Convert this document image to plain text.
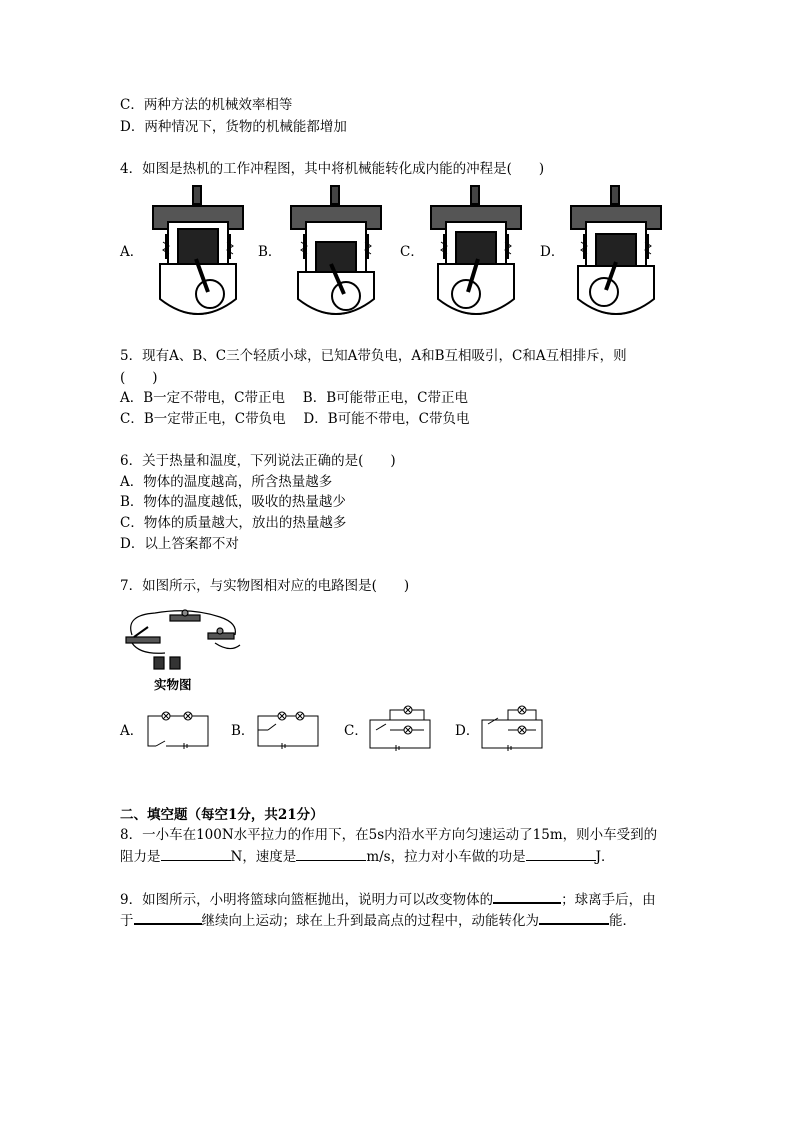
C．两种方法的机械效率相等
D．两种情况下，货物的机械能都增加
4．如图是热机的工作冲程图，其中将机械能转化成内能的冲程是(　　)
A．	B．	C．	D．
5．现有A、B、C三个轻质小球，已知A带负电，A和B互相吸引，C和A互相排斥，则
(　　)
A．B一定不带电，C带正电　 B．B可能带正电，C带正电
C．B一定带正电，C带负电　 D．B可能不带电，C带负电
6．关于热量和温度，下列说法正确的是(　　)
A．物体的温度越高，所含热量越多
B．物体的温度越低，吸收的热量越少
C．物体的质量越大，放出的热量越多
D．以上答案都不对
7．如图所示，与实物图相对应的电路图是(　　)
实物图
A．	B．	C．	D．
二、填空题（每空1分，共21分）
8．一小车在100N水平拉力的作用下，在5s内沿水平方向匀速运动了15m，则小车受到的
阻力是	N，速度是	m/s，拉力对小车做的功是	J．
9．如图所示，小明将篮球向篮框抛出，说明力可以改变物体的	；球离手后，由
于	继续向上运动；球在上升到最高点的过程中，动能转化为	能．
